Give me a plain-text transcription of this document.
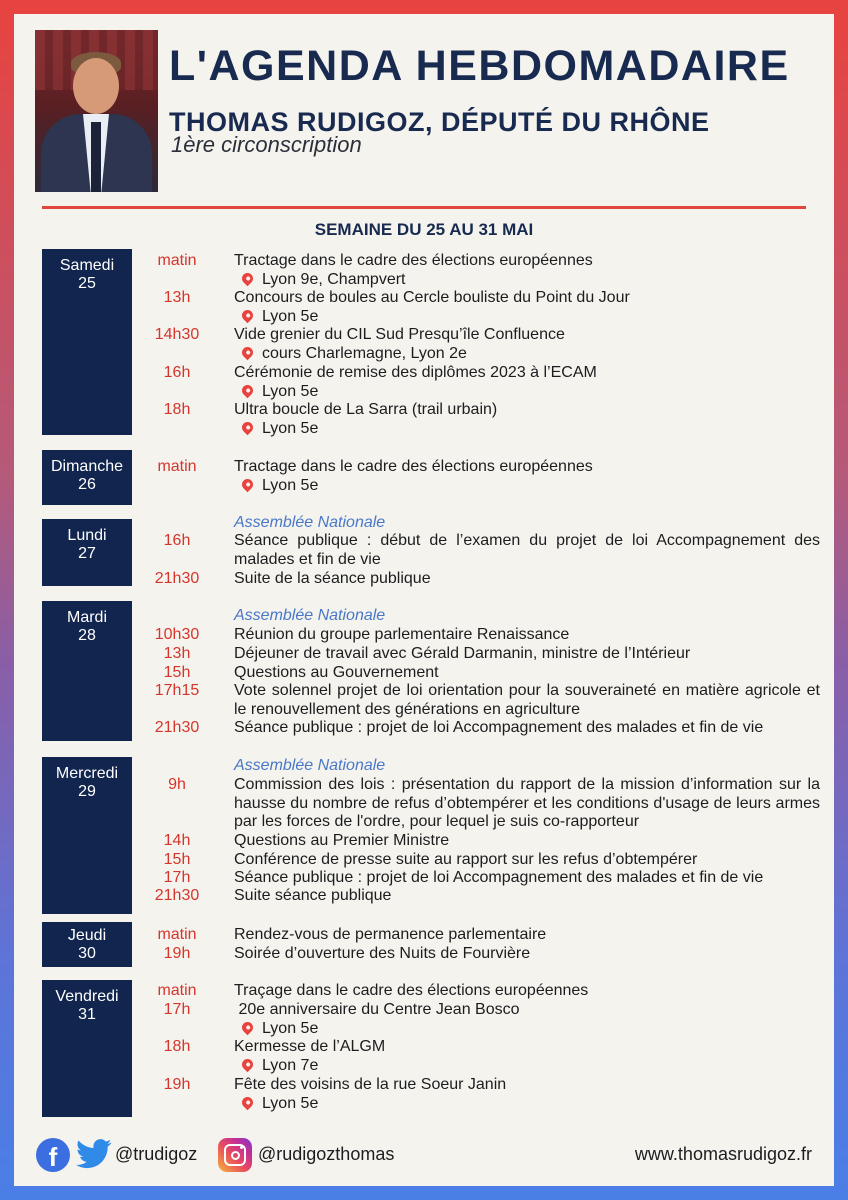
L'AGENDA HEBDOMADAIRE
THOMAS RUDIGOZ, DÉPUTÉ DU RHÔNE
1ère circonscription
SEMAINE DU 25 AU 31 MAI
Samedi
25
matin	Tractage dans le cadre des élections européennes
Lyon 9e, Champvert
13h	Concours de boules au Cercle bouliste du Point du Jour
Lyon 5e
14h30	Vide grenier du CIL Sud Presqu’île Confluence
cours Charlemagne, Lyon 2e
16h	Cérémonie de remise des diplômes 2023 à l’ECAM
Lyon 5e
18h	Ultra boucle de La Sarra (trail urbain)
Lyon 5e
Dimanche
26
matin	Tractage dans le cadre des élections européennes
Lyon 5e
Lundi
27
Assemblée Nationale
16h	Séance publique : début de l’examen du projet de loi Accompagnement des malades et fin de vie
21h30	Suite de la séance publique
Mardi
28
Assemblée Nationale
10h30	Réunion du groupe parlementaire Renaissance
13h	Déjeuner de travail avec Gérald Darmanin, ministre de l’Intérieur
15h	Questions au Gouvernement
17h15	Vote solennel projet de loi orientation pour la souveraineté en matière agricole et le renouvellement des générations en agriculture
21h30	Séance publique : projet de loi Accompagnement des malades et fin de vie
Mercredi
29
Assemblée Nationale
9h	Commission des lois : présentation du rapport de la mission d’information sur la hausse du nombre de refus d’obtempérer et les conditions d'usage de leurs armes par les forces de l'ordre, pour lequel je suis co-rapporteur
14h	Questions au Premier Ministre
15h	Conférence de presse suite au rapport sur les refus d’obtempérer
17h	Séance publique : projet de loi Accompagnement des malades et fin de vie
21h30	Suite séance publique
Jeudi
30
matin	Rendez-vous de permanence parlementaire
19h	Soirée d’ouverture des Nuits de Fourvière
Vendredi
31
matin	Traçage dans le cadre des élections européennes
17h	20e anniversaire du Centre Jean Bosco
Lyon 5e
18h	Kermesse de l’ALGM
Lyon 7e
19h	Fête des voisins de la rue Soeur Janin
Lyon 5e
f	@trudigoz	@rudigozthomas	www.thomasrudigoz.fr
